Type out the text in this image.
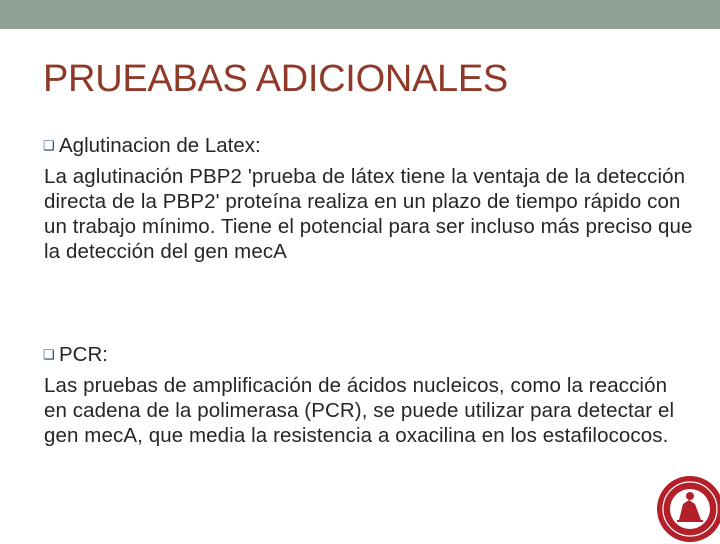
PRUEABAS ADICIONALES
❏ Aglutinacion de Latex:

La aglutinación PBP2 'prueba de látex tiene la ventaja de la detección directa de la PBP2' proteína realiza en un plazo de tiempo rápido con un trabajo mínimo. Tiene el potencial para ser incluso más preciso que la detección del gen mecA

❏ PCR:

Las pruebas de amplificación de ácidos nucleicos, como la reacción en cadena de la polimerasa (PCR), se puede utilizar para detectar el gen mecA, que media la resistencia a oxacilina en los estafilococos.
